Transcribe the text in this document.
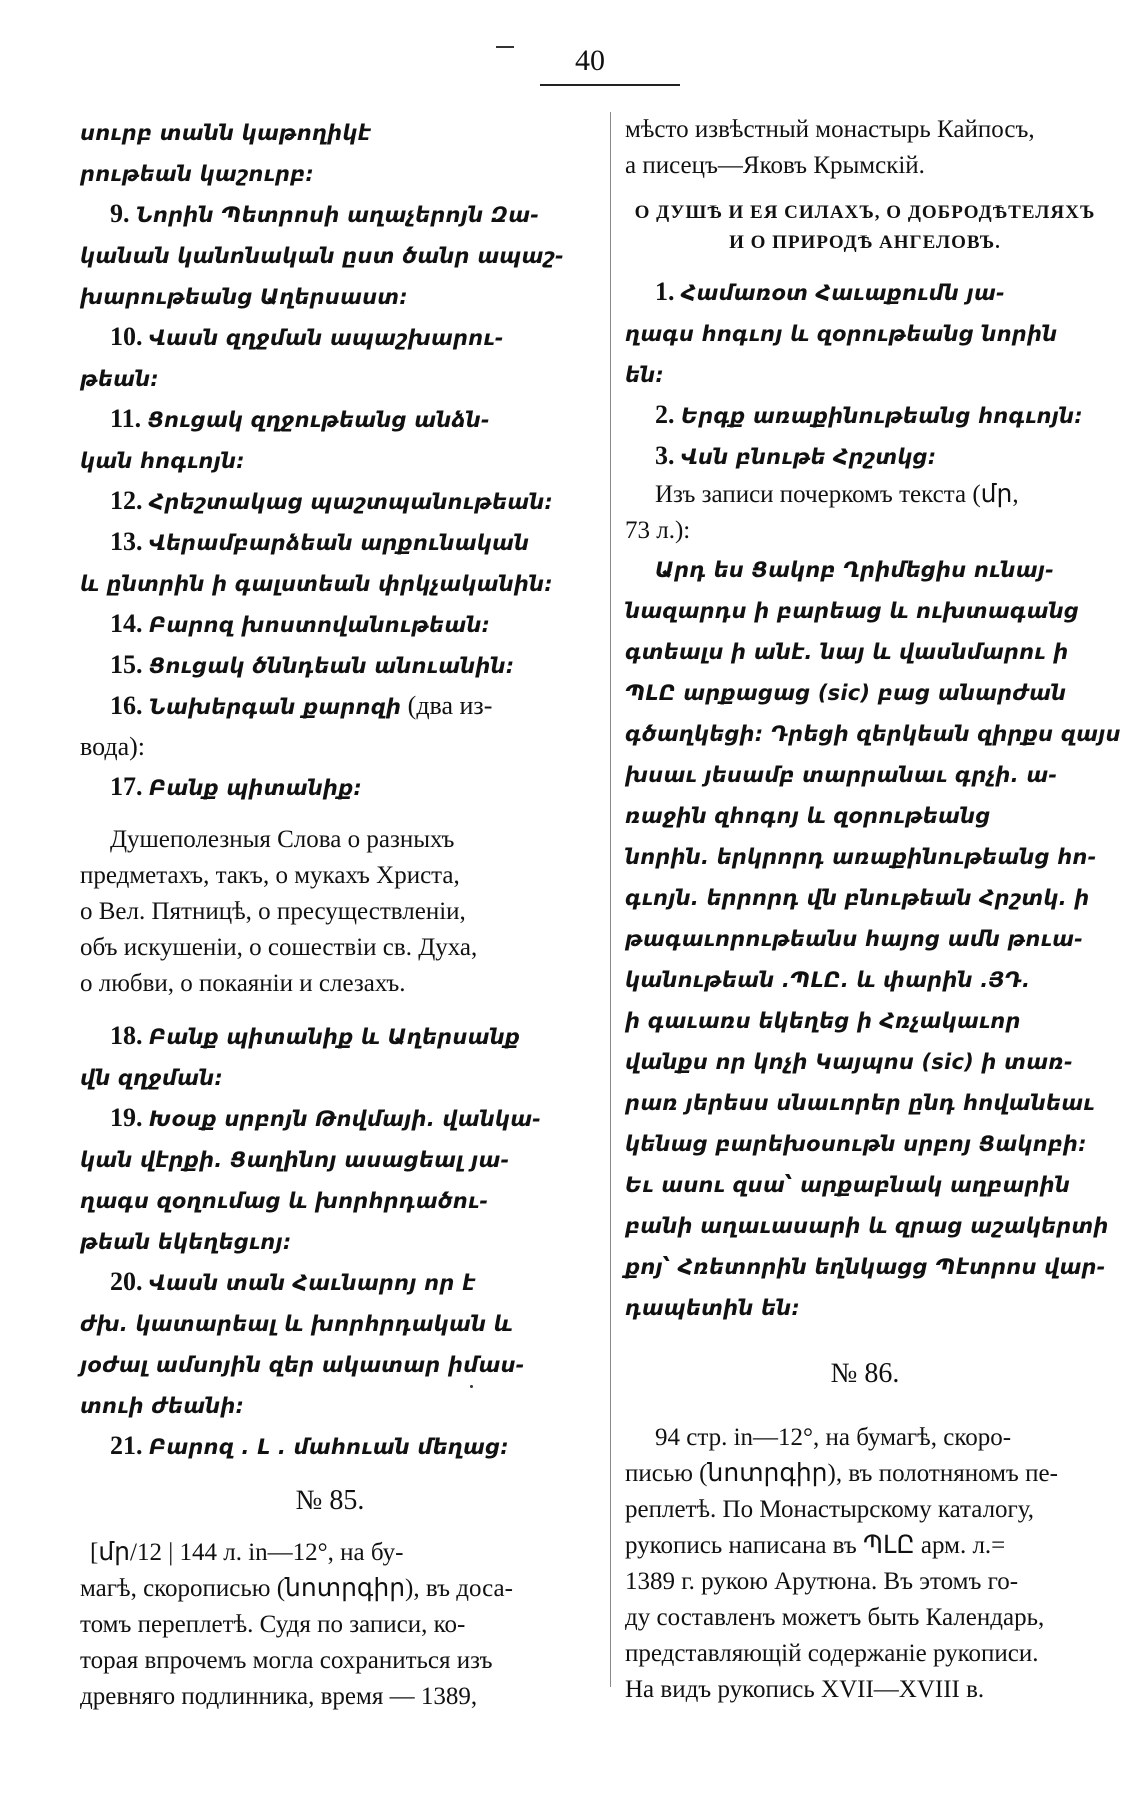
40

սուրբ տանն կաթողիկէ

րութեան կաշուրբ:

9. Նորին Պետրոսի աղաչերոյն Զա-

կանան կանոնական ըստ ծանր ապաշ-

խարութեանց Աղերսաստ:

10. Վասն զղջման ապաշխարու-

թեան:

11. Ցուցակ զղջութեանց անձն-

կան հոգւոյն:

12. Հրեշտակաց պաշտպանութեան:

13. Վերամբարձեան արքունական

և ընտրին ի գալստեան փրկչականին:

14. Բարոզ խոստովանութեան:

15. Ցուցակ ծննդեան անուանին:

16. Նախերգան քարոզի (два из-

вода):

17. Բանք պիտանիք:

Душеполезныя Слова о разныхъ

предметахъ, такъ, о мукахъ Христа,

о Вел. Пятницѣ, о пресуществленіи,

объ искушеніи, о сошествіи св. Духа,

о любви, о покаяніи и слезахъ.

18. Բանք պիտանիք և Աղերսանք

վն զղջման:

19. Խօսք սրբոյն Թովմայի. վանկա-

կան վէրքի. Ցաղինոյ ասացեալ յա-

ղագս զօղումաց և խորհրդածու-

թեան եկեղեցւոյ:

20. Վասն տան Հաւնարոյ որ է

ժխ. կատարեալ և խորհրդական և

յօժալ ամսոյին զեր ակատար իմաս-

տուի ժեանի:

21. Բարոզ . Լ . մահուան մեղաց:

№ 85.

[մր/12 | 144 л. in—12°, на бу-

магѣ, скорописью (նոտրգիր), въ доса-

томъ переплетѣ. Судя по записи, ко-

торая впрочемъ могла сохраниться изъ

древняго подлинника, время — 1389,

мѣсто извѣстный монастырь Кайпосъ,

а писецъ—Яковъ Крымскій.

О ДУШѢ И ЕЯ СИЛАХЪ, О ДОБРОДѢТЕЛЯХЪ

И О ПРИРОДѢ АНГЕЛОВЪ.

1. Համառօտ Հաւաքումն յա-

ղագս հոգւոյ և զօրութեանց նորին

են:

2. Երգք առաքինութեանց հոգւոյն:

3. Վսն բնութե Հրշտկց:

Изъ записи почеркомъ текста (մր,

73 л.):

Արդ ես Ցակոբ Ղրիմեցիս ունայ-

նազարդս ի բարեաց և ուխտագանց

գտեալս ի անէ. նայ և վասնմարու ի

ՊԼԸ արքացաց (sic) բաց անարժան

գծաղկեցի: Դրեցի զերկեան զիրքս զայս

խսաւ յեսամբ տարրանաւ գրչի. ա-

ռաջին զհոգոյ և զօրութեանց

նորին. երկրորդ առաքինութեանց հո-

գւոյն. երրորդ վն բնութեան Հրշտկ. ի

թագաւորութեանս հայոց ամն թուա-

կանութեան .ՊԼԸ. և փարին .ՅԴ.

ի գաւառս եկեղեց ի Հռչակաւոր

վանքս որ կոչի Կայպոս (sic) ի տառ-

րառ յերեսս սնաւորեր ընդ հովանեաւ

կենաց բարեխօսութն սրբոյ Ցակոբի:

Եւ ասու զսա՝ արքաբնակ աղբարին

բանի աղաւասարի և զրաց աշակերտի

քոյ՝ Հռետորին եղնկացց Պէտրոս վար-

դապետին են:

№ 86.

94 стр. in—12°, на бумагѣ, скоро-

писью (նոտրգիր), въ полотняномъ пе-

реплетѣ. По Монастырскому каталогу,

рукопись написана въ ՊԼԸ арм. л.=

1389 г. рукою Арутюна. Въ этомъ го-

ду составленъ можетъ быть Календарь,

представляющій содержаніе рукописи.

На видъ рукопись XVII—XVIII в.
